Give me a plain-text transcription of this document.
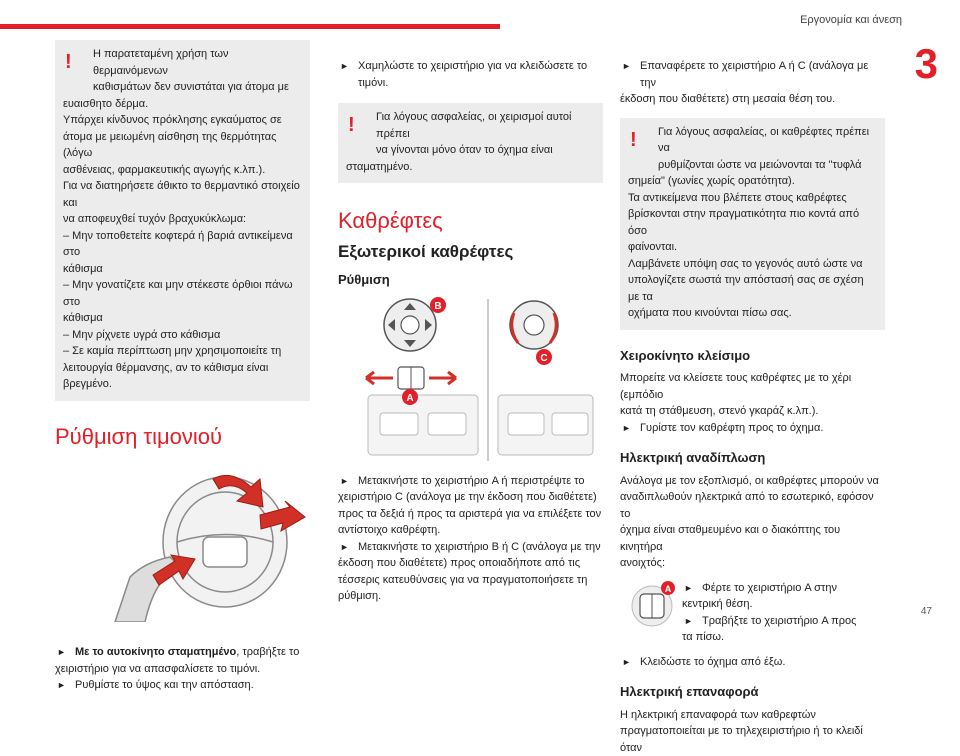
Εργονομία και άνεση
3
47
!	Η παρατεταμένη χρήση των θερμαινόμενων

καθισμάτων δεν συνιστάται για άτομα με

ευαισθητο δέρμα.

Υπάρχει κίνδυνος πρόκλησης εγκαύματος σε

άτομα με μειωμένη αίσθηση της θερμότητας (λόγω

ασθένειας, φαρμακευτικής αγωγής κ.λπ.).

Για να διατηρήσετε άθικτο το θερμαντικό στοιχείο και

να αποφευχθεί τυχόν βραχυκύκλωμα:

– Μην τοποθετείτε κοφτερά ή βαριά αντικείμενα στο

κάθισμα

– Μην γονατίζετε και μην στέκεστε όρθιοι πάνω στο

κάθισμα

– Μην ρίχνετε υγρά στο κάθισμα

– Σε καμία περίπτωση μην χρησιμοποιείτε τη

λειτουργία θέρμανσης, αν το κάθισμα είναι βρεγμένο.

Ρύθμιση τιμονιού

► Με το αυτοκίνητο σταματημένο, τραβήξτε το

χειριστήριο για να απασφαλίσετε το τιμόνι.

► Ρυθμίστε το ύψος και την απόσταση.

► Χαμηλώστε το χειριστήριο για να κλειδώσετε το τιμόνι.

!	Για λόγους ασφαλείας, οι χειρισμοί αυτοί πρέπει

να γίνονται μόνο όταν το όχημα είναι

σταματημένο.

Καθρέφτες
Εξωτερικοί καθρέφτες
Ρύθμιση
B
A
C

► Μετακινήστε το χειριστήριο A ή περιστρέψτε το

χειριστήριο C (ανάλογα με την έκδοση που διαθέτετε)

προς τα δεξιά ή προς τα αριστερά για να επιλέξετε τον

αντίστοιχο καθρέφτη.

► Μετακινήστε το χειριστήριο B ή C (ανάλογα με την

έκδοση που διαθέτετε) προς οποιαδήποτε από τις

τέσσερις κατευθύνσεις για να πραγματοποιήσετε τη

ρύθμιση.

► Επαναφέρετε το χειριστήριο A ή C (ανάλογα με την

έκδοση που διαθέτετε) στη μεσαία θέση του.

!	Για λόγους ασφαλείας, οι καθρέφτες πρέπει να

ρυθμίζονται ώστε να μειώνονται τα "τυφλά

σημεία" (γωνίες χωρίς ορατότητα).

Τα αντικείμενα που βλέπετε στους καθρέφτες

βρίσκονται στην πραγματικότητα πιο κοντά από όσο

φαίνονται.

Λαμβάνετε υπόψη σας το γεγονός αυτό ώστε να

υπολογίζετε σωστά την απόστασή σας σε σχέση με τα

οχήματα που κινούνται πίσω σας.

Χειροκίνητο κλείσιμο

Μπορείτε να κλείσετε τους καθρέφτες με το χέρι (εμπόδιο

κατά τη στάθμευση, στενό γκαράζ κ.λπ.).

► Γυρίστε τον καθρέφτη προς το όχημα.

Ηλεκτρική αναδίπλωση

Ανάλογα με τον εξοπλισμό, οι καθρέφτες μπορούν να

αναδιπλωθούν ηλεκτρικά από το εσωτερικό, εφόσον το

όχημα είναι σταθμευμένο και ο διακόπτης του κινητήρα

ανοιχτός:

A

►	Φέρτε το χειριστήριο A στην

κεντρική θέση.

► Τραβήξτε το χειριστήριο A προς

τα πίσω.

► Κλειδώστε το όχημα από έξω.

Ηλεκτρική επαναφορά

Η ηλεκτρική επαναφορά των καθρεφτών

πραγματοποιείται με το τηλεχειριστήριο ή το κλειδί όταν
